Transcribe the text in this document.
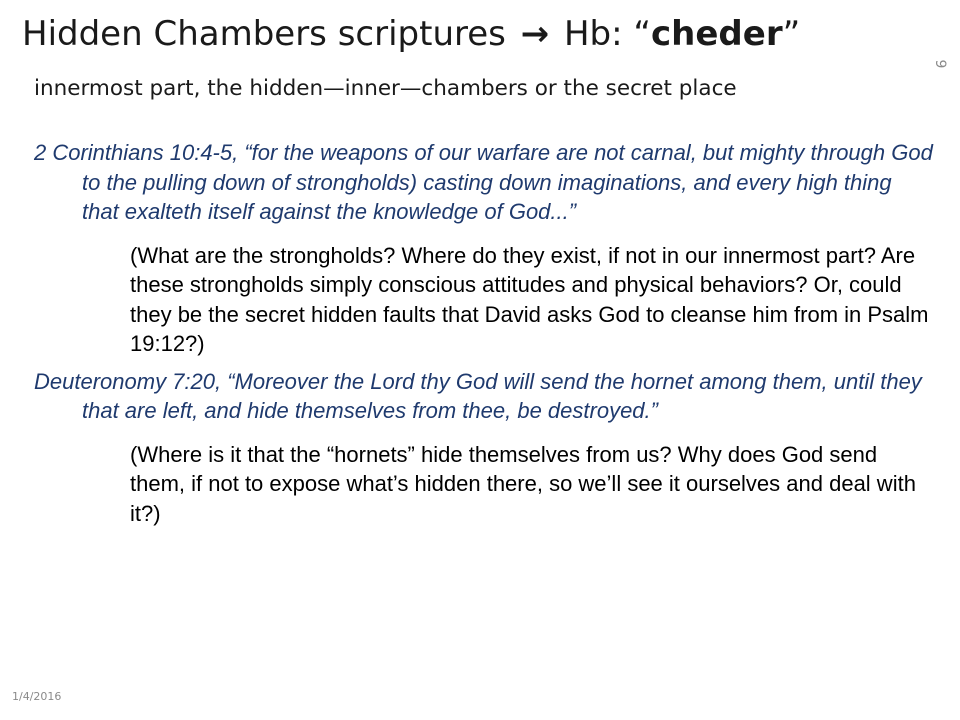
Hidden Chambers scriptures → Hb: “cheder”

innermost part, the hidden—inner—chambers or the secret place

9

2 Corinthians 10:4-5, “for the weapons of our warfare are not carnal, but mighty through God to the pulling down of strongholds) casting down imaginations, and every high thing that exalteth itself against the knowledge of God...”

(What are the strongholds? Where do they exist, if not in our innermost part? Are these strongholds simply conscious attitudes and physical behaviors? Or, could they be the secret hidden faults that David asks God to cleanse him from in Psalm 19:12?)

Deuteronomy 7:20, “Moreover the Lord thy God will send the hornet among them, until they that are left, and hide themselves from thee, be destroyed.”

(Where is it that the “hornets” hide themselves from us? Why does God send them, if not to expose what’s hidden there, so we’ll see it ourselves and deal with it?)

1/4/2016
